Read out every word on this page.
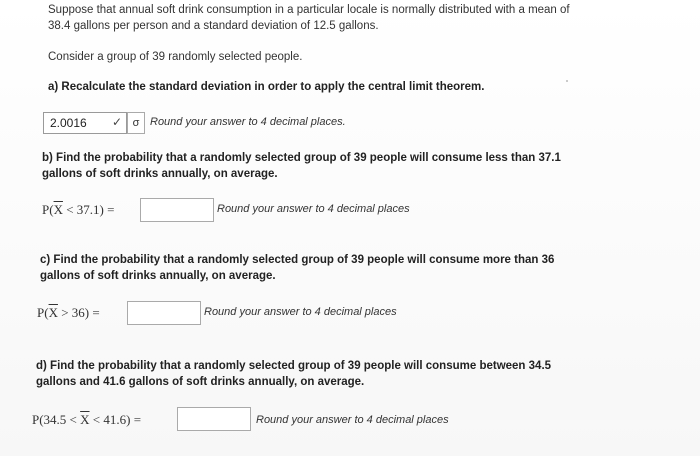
Suppose that annual soft drink consumption in a particular locale is normally distributed with a mean of
38.4 gallons per person and a standard deviation of 12.5 gallons.
Consider a group of 39 randomly selected people.
a) Recalculate the standard deviation in order to apply the central limit theorem.
2.0016	✓ σ Round your answer to 4 decimal places.
b) Find the probability that a randomly selected group of 39 people will consume less than 37.1
gallons of soft drinks annually, on average.
$P(\overline{X} < 37.1)$ =	Round your answer to 4 decimal places
c) Find the probability that a randomly selected group of 39 people will consume more than 36
gallons of soft drinks annually, on average.
$P(\overline{X} > 36)$ =	Round your answer to 4 decimal places
d) Find the probability that a randomly selected group of 39 people will consume between 34.5
gallons and 41.6 gallons of soft drinks annually, on average.
$P(34.5 < \overline{X} < 41.6)$ =	Round your answer to 4 decimal places
